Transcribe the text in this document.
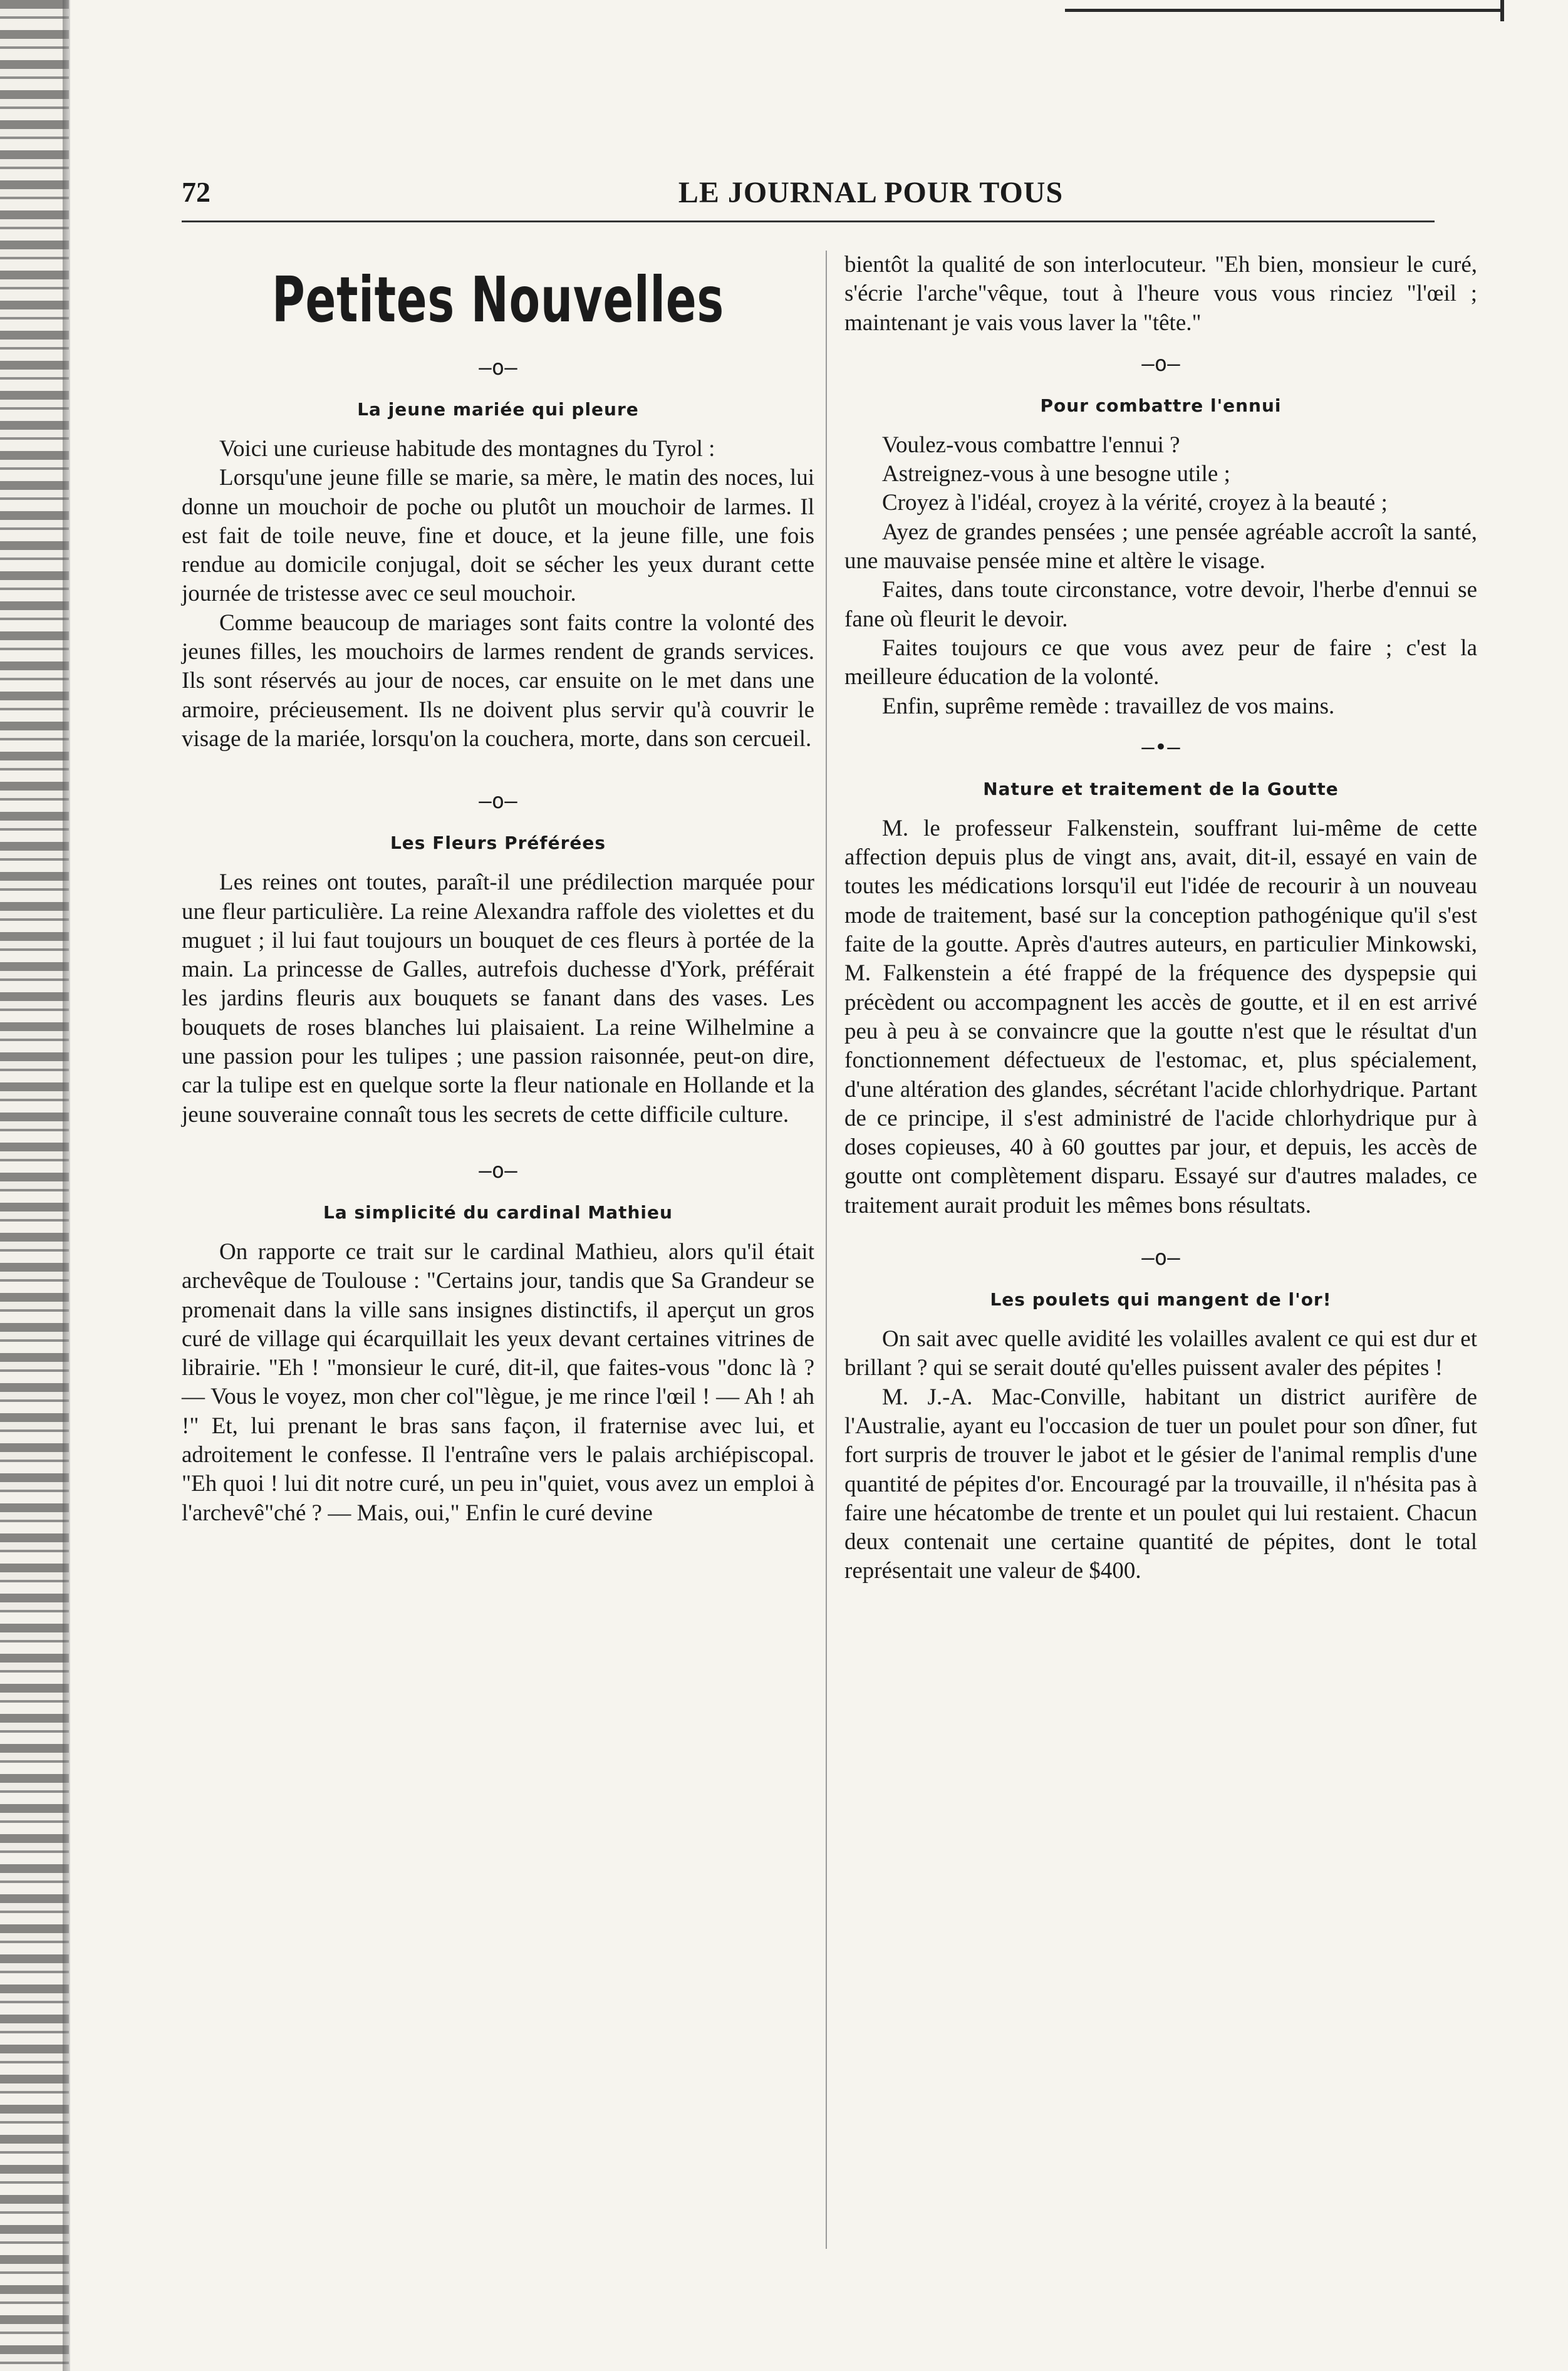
72	LE JOURNAL POUR TOUS
Petites Nouvelles
—o—
La jeune mariée qui pleure

Voici une curieuse habitude des montagnes du Tyrol :

Lorsqu'une jeune fille se marie, sa mère, le matin des noces, lui donne un mouchoir de poche ou plutôt un mouchoir de larmes. Il est fait de toile neuve, fine et douce, et la jeune fille, une fois rendue au domicile conjugal, doit se sécher les yeux durant cette journée de tristesse avec ce seul mouchoir.

Comme beaucoup de mariages sont faits contre la volonté des jeunes filles, les mouchoirs de larmes rendent de grands services. Ils sont réservés au jour de noces, car ensuite on le met dans une armoire, précieusement. Ils ne doivent plus servir qu'à couvrir le visage de la mariée, lorsqu'on la couchera, morte, dans son cercueil.

—o—
Les Fleurs Préférées

Les reines ont toutes, paraît-il une prédilection marquée pour une fleur particulière. La reine Alexandra raffole des violettes et du muguet ; il lui faut toujours un bouquet de ces fleurs à portée de la main. La princesse de Galles, autrefois duchesse d'York, préférait les jardins fleuris aux bouquets se fanant dans des vases. Les bouquets de roses blanches lui plaisaient. La reine Wilhelmine a une passion pour les tulipes ; une passion raisonnée, peut-on dire, car la tulipe est en quelque sorte la fleur nationale en Hollande et la jeune souveraine connaît tous les secrets de cette difficile culture.

—o—
La simplicité du cardinal Mathieu

On rapporte ce trait sur le cardinal Mathieu, alors qu'il était archevêque de Toulouse : "Certains jour, tandis que Sa Grandeur se promenait dans la ville sans insignes distinctifs, il aperçut un gros curé de village qui écarquillait les yeux devant certaines vitrines de librairie. "Eh ! "monsieur le curé, dit-il, que faites-vous "donc là ? — Vous le voyez, mon cher col"lègue, je me rince l'œil ! — Ah ! ah !" Et, lui prenant le bras sans façon, il fraternise avec lui, et adroitement le confesse. Il l'entraîne vers le palais archiépiscopal. "Eh quoi ! lui dit notre curé, un peu in"quiet, vous avez un emploi à l'archevê"ché ? — Mais, oui," Enfin le curé devine

bientôt la qualité de son interlocuteur. "Eh bien, monsieur le curé, s'écrie l'arche"vêque, tout à l'heure vous vous rinciez "l'œil ; maintenant je vais vous laver la "tête."

—o—
Pour combattre l'ennui

Voulez-vous combattre l'ennui ?

Astreignez-vous à une besogne utile ;

Croyez à l'idéal, croyez à la vérité, croyez à la beauté ;

Ayez de grandes pensées ; une pensée agréable accroît la santé, une mauvaise pensée mine et altère le visage.

Faites, dans toute circonstance, votre devoir, l'herbe d'ennui se fane où fleurit le devoir.

Faites toujours ce que vous avez peur de faire ; c'est la meilleure éducation de la volonté.

Enfin, suprême remède : travaillez de vos mains.

—•—
Nature et traitement de la Goutte

M. le professeur Falkenstein, souffrant lui-même de cette affection depuis plus de vingt ans, avait, dit-il, essayé en vain de toutes les médications lorsqu'il eut l'idée de recourir à un nouveau mode de traitement, basé sur la conception pathogénique qu'il s'est faite de la goutte. Après d'autres auteurs, en particulier Minkowski, M. Falkenstein a été frappé de la fréquence des dyspepsie qui précèdent ou accompagnent les accès de goutte, et il en est arrivé peu à peu à se convaincre que la goutte n'est que le résultat d'un fonctionnement défectueux de l'estomac, et, plus spécialement, d'une altération des glandes, sécrétant l'acide chlorhydrique. Partant de ce principe, il s'est administré de l'acide chlorhydrique pur à doses copieuses, 40 à 60 gouttes par jour, et depuis, les accès de goutte ont complètement disparu. Essayé sur d'autres malades, ce traitement aurait produit les mêmes bons résultats.

—o—
Les poulets qui mangent de l'or!

On sait avec quelle avidité les volailles avalent ce qui est dur et brillant ? qui se serait douté qu'elles puissent avaler des pépites !

M. J.-A. Mac-Conville, habitant un district aurifère de l'Australie, ayant eu l'occasion de tuer un poulet pour son dîner, fut fort surpris de trouver le jabot et le gésier de l'animal remplis d'une quantité de pépites d'or. Encouragé par la trouvaille, il n'hésita pas à faire une hécatombe de trente et un poulet qui lui restaient. Chacun deux contenait une certaine quantité de pépites, dont le total représentait une valeur de $400.
